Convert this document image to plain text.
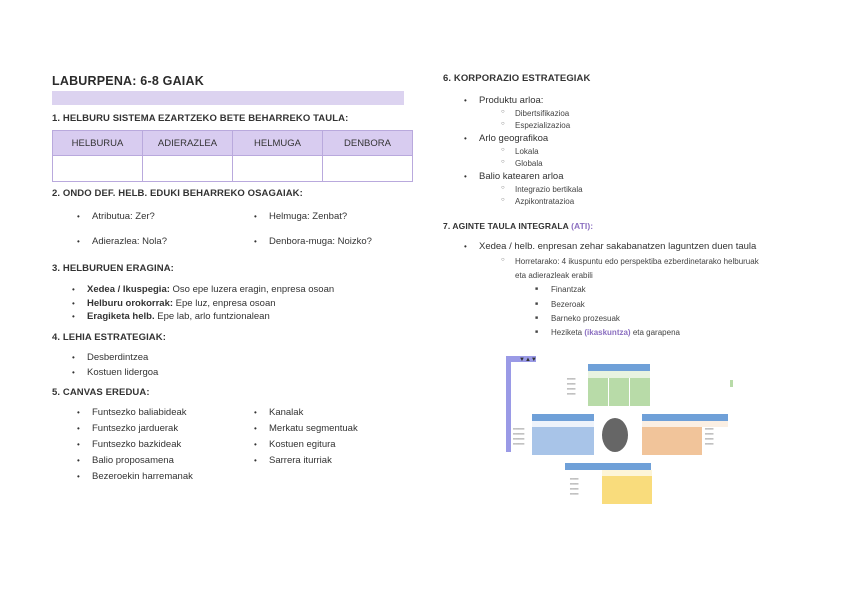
LABURPENA: 6-8 GAIAK
1. HELBURU SISTEMA EZARTZEKO BETE BEHARREKO TAULA:
HELBURUA	ADIERAZLEA	HELMUGA	DENBORA

2. ONDO DEF. HELB. EDUKI BEHARREKO OSAGAIAK:
• Atributua: Zer?	• Helmuga: Zenbat?
• Adierazlea: Nola?	• Denbora-muga: Noizko?
3. HELBURUEN ERAGINA:
• Xedea / Ikuspegia: Oso epe luzera eragin, enpresa osoan
• Helburu orokorrak: Epe luz, enpresa osoan
• Eragiketa helb. Epe lab, arlo funtzionalean
4. LEHIA ESTRATEGIAK:
• Desberdintzea
• Kostuen lidergoa
5. CANVAS EREDUA:
• Funtsezko baliabideak
• Funtsezko jarduerak
• Funtsezko bazkideak
• Balio proposamena
• Bezeroekin harremanak
• Kanalak
• Merkatu segmentuak
• Kostuen egitura
• Sarrera iturriak
6. KORPORAZIO ESTRATEGIAK
• Produktu arloa:
○ Dibertsifikazioa
○ Espezializazioa
• Arlo geografikoa
○ Lokala
○ Globala
• Balio katearen arloa
○ Integrazio bertikala
○ Azpikontratazioa
7. AGINTE TAULA INTEGRALA (ATI):
• Xedea / helb. enpresan zehar sakabanatzen laguntzen duen taula
○ Horretarako: 4 ikuspuntu edo perspektiba ezberdinetarako helburuak
eta adierazleak erabili
■ Finantzak
■ Bezeroak
■ Barneko prozesuak
■ Heziketa (ikaskuntza) eta garapena
▼▲▼
═══
═══
═══
═══
════
════
════
════
═══
═══
═══
═══
═══
═══
═══
═══
